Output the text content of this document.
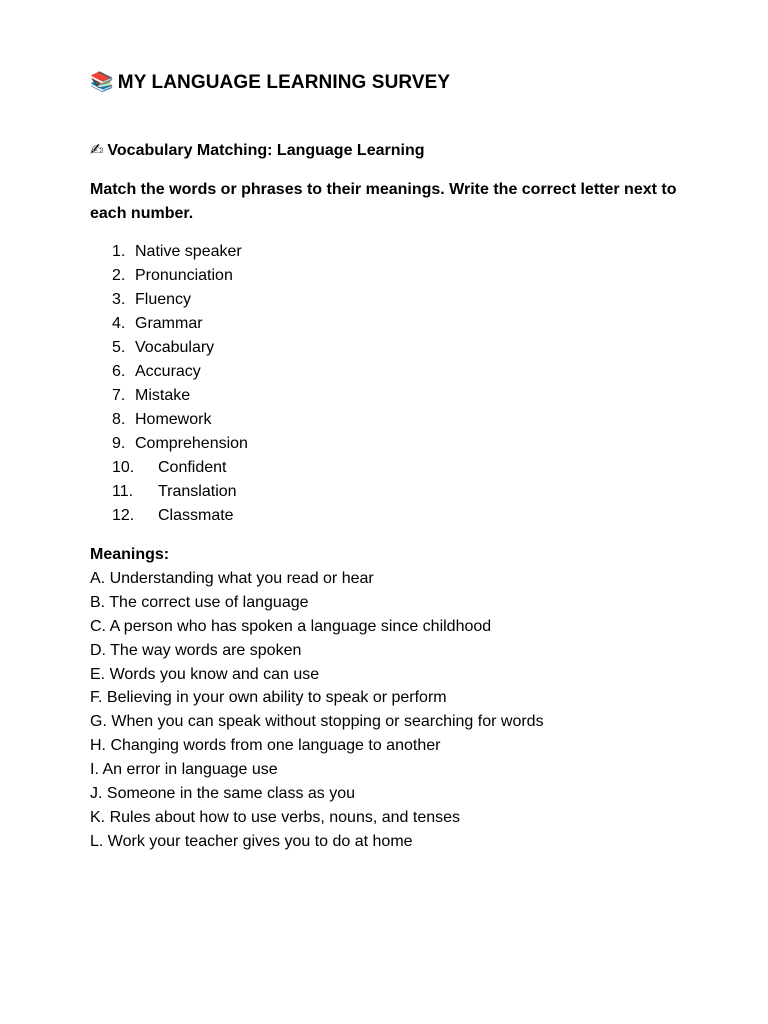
📚 MY LANGUAGE LEARNING SURVEY
✍ Vocabulary Matching: Language Learning
Match the words or phrases to their meanings. Write the correct letter next to each number.
1. Native speaker
2. Pronunciation
3. Fluency
4. Grammar
5. Vocabulary
6. Accuracy
7. Mistake
8. Homework
9. Comprehension
10. Confident
11. Translation
12. Classmate
Meanings:
A. Understanding what you read or hear
B. The correct use of language
C. A person who has spoken a language since childhood
D. The way words are spoken
E. Words you know and can use
F. Believing in your own ability to speak or perform
G. When you can speak without stopping or searching for words
H. Changing words from one language to another
I. An error in language use
J. Someone in the same class as you
K. Rules about how to use verbs, nouns, and tenses
L. Work your teacher gives you to do at home
